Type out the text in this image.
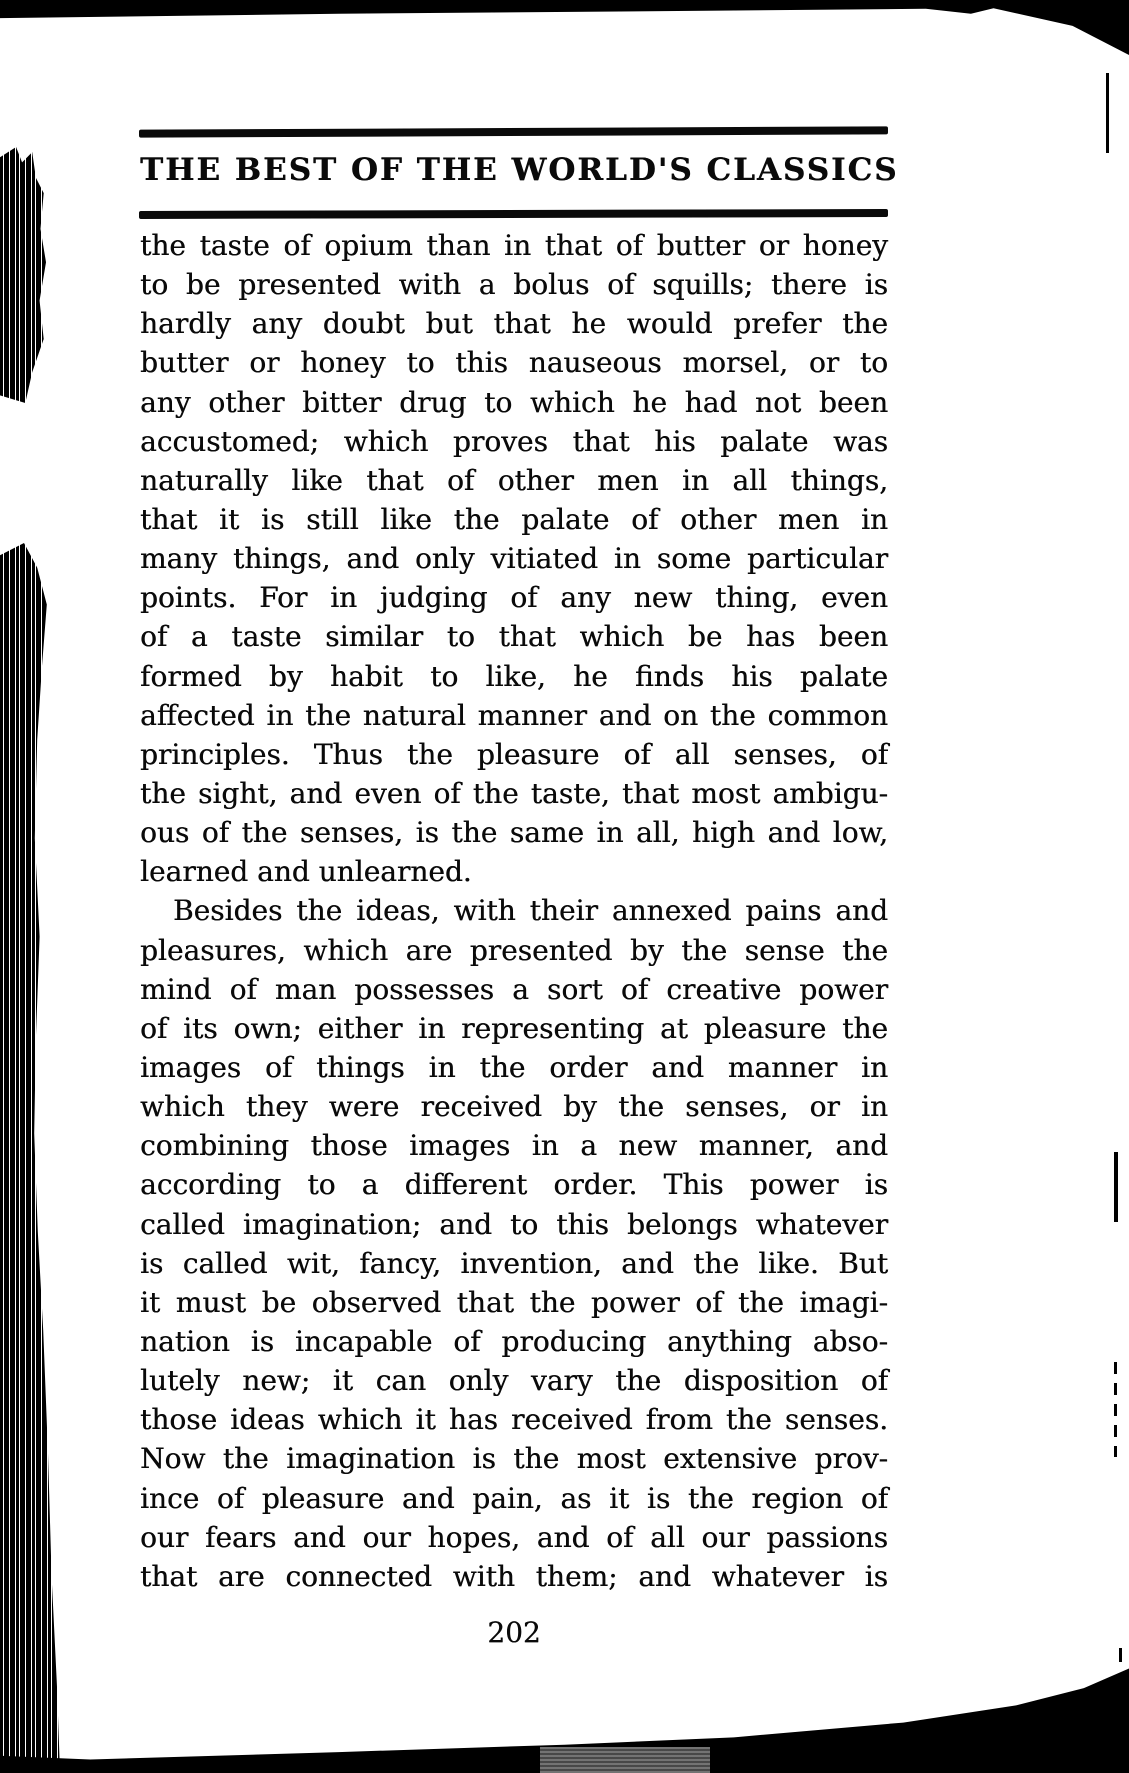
THE BEST OF THE WORLD'S CLASSICS
the taste of opium than in that of butter or honey
to be presented with a bolus of squills; there is
hardly any doubt but that he would prefer the
butter or honey to this nauseous morsel, or to
any other bitter drug to which he had not been
accustomed; which proves that his palate was
naturally like that of other men in all things,
that it is still like the palate of other men in
many things, and only vitiated in some particular
points. For in judging of any new thing, even
of a taste similar to that which be has been
formed by habit to like, he finds his palate
affected in the natural manner and on the common
principles. Thus the pleasure of all senses, of
the sight, and even of the taste, that most ambigu-
ous of the senses, is the same in all, high and low,
learned and unlearned.
Besides the ideas, with their annexed pains and
pleasures, which are presented by the sense the
mind of man possesses a sort of creative power
of its own; either in representing at pleasure the
images of things in the order and manner in
which they were received by the senses, or in
combining those images in a new manner, and
according to a different order. This power is
called imagination; and to this belongs whatever
is called wit, fancy, invention, and the like. But
it must be observed that the power of the imagi-
nation is incapable of producing anything abso-
lutely new; it can only vary the disposition of
those ideas which it has received from the senses.
Now the imagination is the most extensive prov-
ince of pleasure and pain, as it is the region of
our fears and our hopes, and of all our passions
that are connected with them; and whatever is
202
